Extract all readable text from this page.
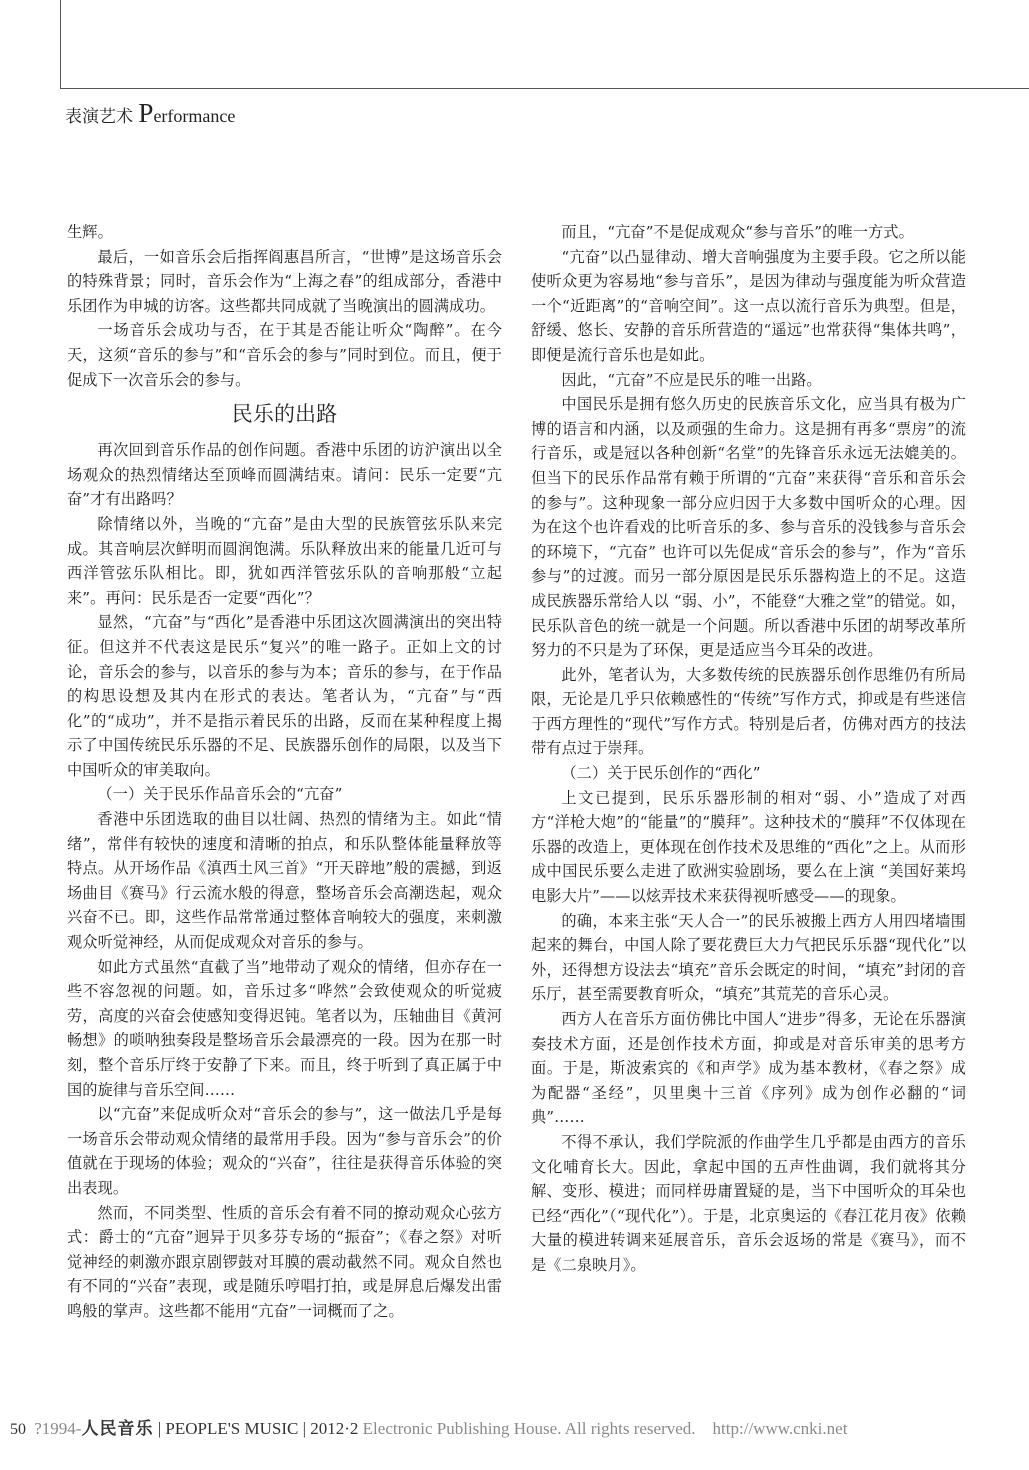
表演艺术 Performance

生辉。

最后，一如音乐会后指挥阎惠昌所言，“世博”是这场音乐会的特殊背景；同时，音乐会作为“上海之春”的组成部分，香港中乐团作为申城的访客。这些都共同成就了当晚演出的圆满成功。

一场音乐会成功与否，在于其是否能让听众“陶醉”。在今天，这须“音乐的参与”和“音乐会的参与”同时到位。而且，便于促成下一次音乐会的参与。

民乐的出路

再次回到音乐作品的创作问题。香港中乐团的访沪演出以全场观众的热烈情绪达至顶峰而圆满结束。请问：民乐一定要“亢奋”才有出路吗？

除情绪以外，当晚的“亢奋”是由大型的民族管弦乐队来完成。其音响层次鲜明而圆润饱满。乐队释放出来的能量几近可与西洋管弦乐队相比。即，犹如西洋管弦乐队的音响那般“立起来”。再问：民乐是否一定要“西化”？

显然，“亢奋”与“西化”是香港中乐团这次圆满演出的突出特征。但这并不代表这是民乐“复兴”的唯一路子。正如上文的讨论，音乐会的参与，以音乐的参与为本；音乐的参与，在于作品的构思设想及其内在形式的表达。笔者认为，“亢奋”与“西化”的“成功”，并不是指示着民乐的出路，反而在某种程度上揭示了中国传统民乐乐器的不足、民族器乐创作的局限，以及当下中国听众的审美取向。

（一）关于民乐作品音乐会的“亢奋”

香港中乐团选取的曲目以壮阔、热烈的情绪为主。如此“情绪”，常伴有较快的速度和清晰的拍点，和乐队整体能量释放等特点。从开场作品《滇西土风三首》“开天辟地”般的震撼，到返场曲目《赛马》行云流水般的得意，整场音乐会高潮迭起，观众兴奋不已。即，这些作品常常通过整体音响较大的强度，来刺激观众听觉神经，从而促成观众对音乐的参与。

如此方式虽然“直截了当”地带动了观众的情绪，但亦存在一些不容忽视的问题。如，音乐过多“哗然”会致使观众的听觉疲劳，高度的兴奋会使感知变得迟钝。笔者以为，压轴曲目《黄河畅想》的唢呐独奏段是整场音乐会最漂亮的一段。因为在那一时刻，整个音乐厅终于安静了下来。而且，终于听到了真正属于中国的旋律与音乐空间……

以“亢奋”来促成听众对“音乐会的参与”，这一做法几乎是每一场音乐会带动观众情绪的最常用手段。因为“参与音乐会”的价值就在于现场的体验；观众的“兴奋”，往往是获得音乐体验的突出表现。

然而，不同类型、性质的音乐会有着不同的撩动观众心弦方式：爵士的“亢奋”迥异于贝多芬专场的“振奋”；《春之祭》对听觉神经的刺激亦跟京剧锣鼓对耳膜的震动截然不同。观众自然也有不同的“兴奋”表现，或是随乐哼唱打拍，或是屏息后爆发出雷鸣般的掌声。这些都不能用“亢奋”一词概而了之。

而且，“亢奋”不是促成观众“参与音乐”的唯一方式。

“亢奋”以凸显律动、增大音响强度为主要手段。它之所以能使听众更为容易地“参与音乐”，是因为律动与强度能为听众营造一个“近距离”的“音响空间”。这一点以流行音乐为典型。但是，舒缓、悠长、安静的音乐所营造的“遥远”也常获得“集体共鸣”，即便是流行音乐也是如此。

因此，“亢奋”不应是民乐的唯一出路。

中国民乐是拥有悠久历史的民族音乐文化，应当具有极为广博的语言和内涵，以及顽强的生命力。这是拥有再多“票房”的流行音乐，或是冠以各种创新“名堂”的先锋音乐永远无法媲美的。但当下的民乐作品常有赖于所谓的“亢奋”来获得“音乐和音乐会的参与”。这种现象一部分应归因于大多数中国听众的心理。因为在这个也许看戏的比听音乐的多、参与音乐的没钱参与音乐会的环境下，“亢奋” 也许可以先促成“音乐会的参与”，作为“音乐参与”的过渡。而另一部分原因是民乐乐器构造上的不足。这造成民族器乐常给人以 “弱、小”，不能登“大雅之堂”的错觉。如，民乐队音色的统一就是一个问题。所以香港中乐团的胡琴改革所努力的不只是为了环保，更是适应当今耳朵的改进。

此外，笔者认为，大多数传统的民族器乐创作思维仍有所局限，无论是几乎只依赖感性的“传统”写作方式，抑或是有些迷信于西方理性的“现代”写作方式。特别是后者，仿佛对西方的技法带有点过于崇拜。

（二）关于民乐创作的“西化”

上文已提到，民乐乐器形制的相对“弱、小”造成了对西方“洋枪大炮”的“能量”的“膜拜”。这种技术的“膜拜”不仅体现在乐器的改造上，更体现在创作技术及思维的“西化”之上。从而形成中国民乐要么走进了欧洲实验剧场，要么在上演 “美国好莱坞电影大片”——以炫弄技术来获得视听感受——的现象。

的确，本来主张“天人合一”的民乐被搬上西方人用四堵墙围起来的舞台，中国人除了要花费巨大力气把民乐乐器“现代化”以外，还得想方设法去“填充”音乐会既定的时间，“填充”封闭的音乐厅，甚至需要教育听众，“填充”其荒芜的音乐心灵。

西方人在音乐方面仿佛比中国人“进步”得多，无论在乐器演奏技术方面，还是创作技术方面，抑或是对音乐审美的思考方面。于是，斯波索宾的《和声学》成为基本教材，《春之祭》成为配器“圣经”，贝里奥十三首《序列》成为创作必翻的“词典”……

不得不承认，我们学院派的作曲学生几乎都是由西方的音乐文化哺育长大。因此，拿起中国的五声性曲调，我们就将其分解、变形、模进；而同样毋庸置疑的是，当下中国听众的耳朵也已经“西化”（“现代化”）。于是，北京奥运的《春江花月夜》依赖大量的模进转调来延展音乐，音乐会返场的常是《赛马》，而不是《二泉映月》。

50 ?1994-人民音乐 | PEOPLE'S MUSIC | 2012·2 Electronic Publishing House. All rights reserved. http://www.cnki.net
